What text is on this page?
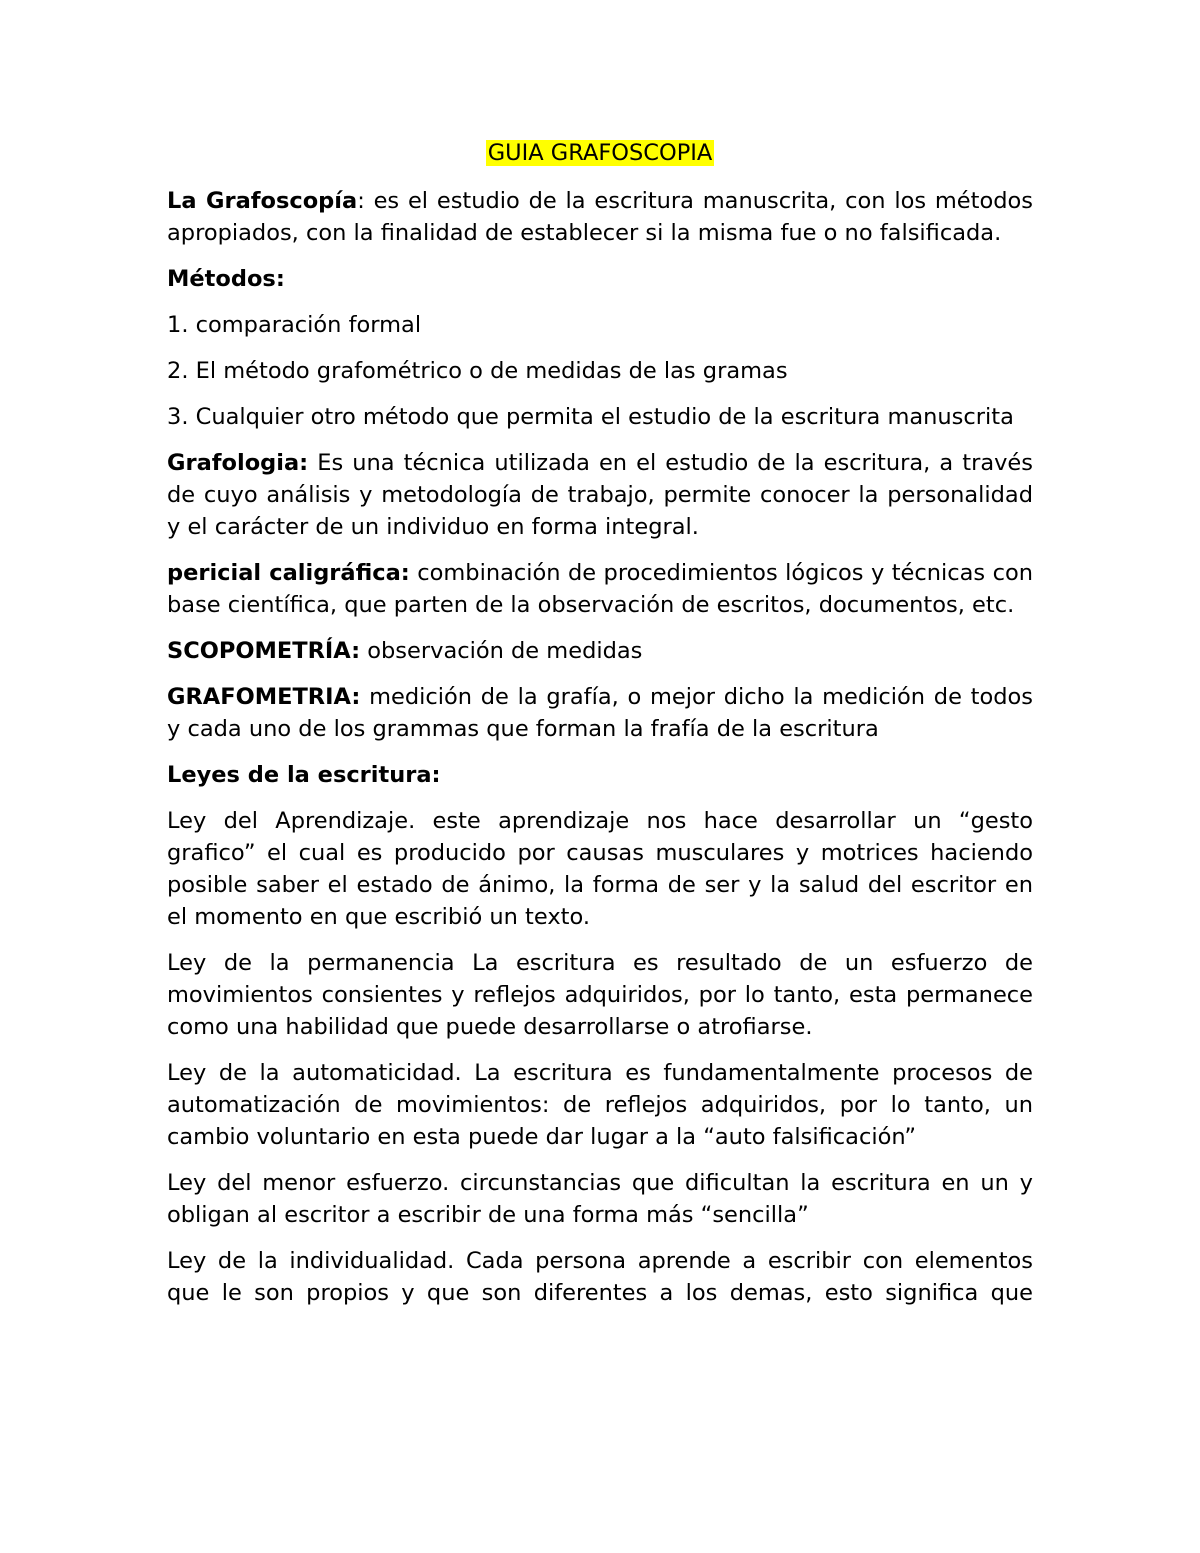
GUIA GRAFOSCOPIA

La Grafoscopía: es el estudio de la escritura manuscrita, con los métodos apropiados, con la finalidad de establecer si la misma fue o no falsificada.

Métodos:

1. comparación formal

2. El método grafométrico o de medidas de las gramas

3. Cualquier otro método que permita el estudio de la escritura manuscrita

Grafologia: Es una técnica utilizada en el estudio de la escritura, a través de cuyo análisis y metodología de trabajo, permite conocer la personalidad y el carácter de un individuo en forma integral.

pericial caligráfica: combinación de procedimientos lógicos y técnicas con base científica, que parten de la observación de escritos, documentos, etc.

SCOPOMETRÍA: observación de medidas

GRAFOMETRIA: medición de la grafía, o mejor dicho la medición de todos y cada uno de los grammas que forman la frafía de la escritura

Leyes de la escritura:

Ley del Aprendizaje. este aprendizaje nos hace desarrollar un “gesto grafico” el cual es producido por causas musculares y motrices haciendo posible saber el estado de ánimo, la forma de ser y la salud del escritor en el momento en que escribió un texto.

Ley de la permanencia La escritura es resultado de un esfuerzo de movimientos consientes y reflejos adquiridos, por lo tanto, esta permanece como una habilidad que puede desarrollarse o atrofiarse.

Ley de la automaticidad. La escritura es fundamentalmente procesos de automatización de movimientos: de reflejos adquiridos, por lo tanto, un cambio voluntario en esta puede dar lugar a la “auto falsificación”

Ley del menor esfuerzo. circunstancias que dificultan la escritura en un y obligan al escritor a escribir de una forma más “sencilla”

Ley de la individualidad. Cada persona aprende a escribir con elementos que le son propios y que son diferentes a los demas, esto significa que
